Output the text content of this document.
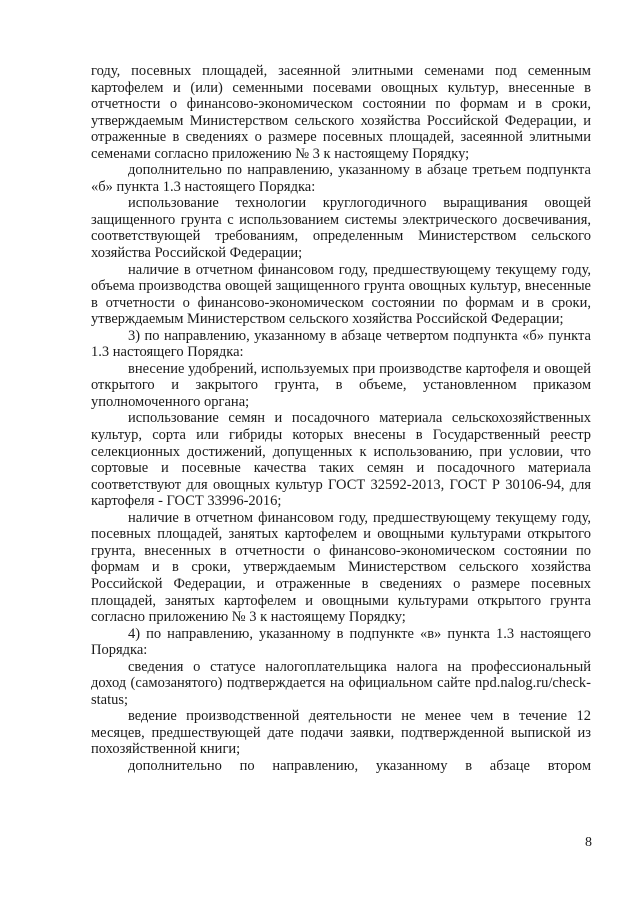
году, посевных площадей, засеянной элитными семенами под семенным картофелем и (или) семенными посевами овощных культур, внесенные в отчетности о финансово-экономическом состоянии по формам и в сроки, утверждаемым Министерством сельского хозяйства Российской Федерации, и отраженные в сведениях о размере посевных площадей, засеянной элитными семенами согласно приложению № 3 к настоящему Порядку;

дополнительно по направлению, указанному в абзаце третьем подпункта «б» пункта 1.3 настоящего Порядка:

использование технологии круглогодичного выращивания овощей защищенного грунта с использованием системы электрического досвечивания, соответствующей требованиям, определенным Министерством сельского хозяйства Российской Федерации;

наличие в отчетном финансовом году, предшествующему текущему году, объема производства овощей защищенного грунта овощных культур, внесенные в отчетности о финансово-экономическом состоянии по формам и в сроки, утверждаемым Министерством сельского хозяйства Российской Федерации;

3) по направлению, указанному в абзаце четвертом подпункта «б» пункта 1.3 настоящего Порядка:

внесение удобрений, используемых при производстве картофеля и овощей открытого и закрытого грунта, в объеме, установленном приказом уполномоченного органа;

использование семян и посадочного материала сельскохозяйственных культур, сорта или гибриды которых внесены в Государственный реестр селекционных достижений, допущенных к использованию, при условии, что сортовые и посевные качества таких семян и посадочного материала соответствуют для овощных культур ГОСТ 32592-2013, ГОСТ Р 30106-94, для картофеля - ГОСТ 33996-2016;

наличие в отчетном финансовом году, предшествующему текущему году, посевных площадей, занятых картофелем и овощными культурами открытого грунта, внесенных в отчетности о финансово-экономическом состоянии по формам и в сроки, утверждаемым Министерством сельского хозяйства Российской Федерации, и отраженные в сведениях о размере посевных площадей, занятых картофелем и овощными культурами открытого грунта согласно приложению № 3 к настоящему Порядку;

4) по направлению, указанному в подпункте «в» пункта 1.3 настоящего Порядка:

сведения о статусе налогоплательщика налога на профессиональный доход (самозанятого) подтверждается на официальном сайте npd.nalog.ru/check-status;

ведение производственной деятельности не менее чем в течение 12 месяцев, предшествующей дате подачи заявки, подтвержденной выпиской из похозяйственной книги;

дополнительно по направлению, указанному в абзаце втором

8
